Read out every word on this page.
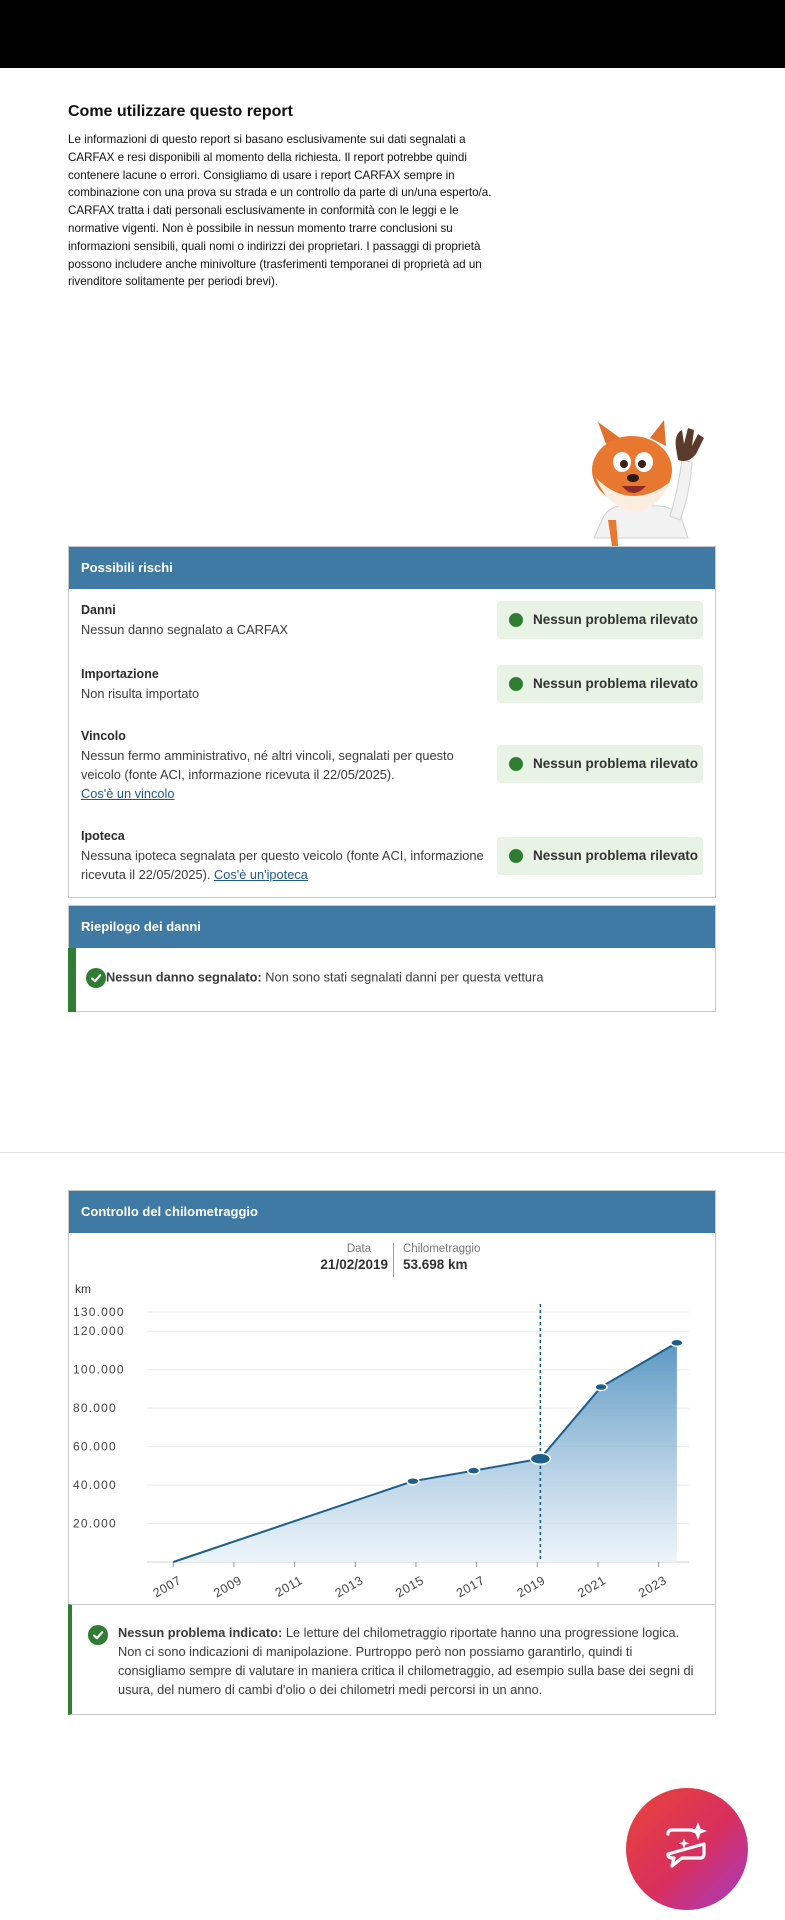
Come utilizzare questo report

Le informazioni di questo report si basano esclusivamente sui dati segnalati a CARFAX e resi disponibili al momento della richiesta. Il report potrebbe quindi contenere lacune o errori. Consigliamo di usare i report CARFAX sempre in combinazione con una prova su strada e un controllo da parte di un/una esperto/a. CARFAX tratta i dati personali esclusivamente in conformità con le leggi e le normative vigenti. Non è possibile in nessun momento trarre conclusioni su informazioni sensibili, quali nomi o indirizzi dei proprietari. I passaggi di proprietà possono includere anche minivolture (trasferimenti temporanei di proprietà ad un rivenditore solitamente per periodi brevi).

Possibili rischi
Danni
Nessun danno segnalato a CARFAX
Nessun problema rilevato
Importazione
Non risulta importato
Nessun problema rilevato
Vincolo
Nessun fermo amministrativo, né altri vincoli, segnalati per questo veicolo (fonte ACI, informazione ricevuta il 22/05/2025).
Cos'è un vincolo
Nessun problema rilevato
Ipoteca
Nessuna ipoteca segnalata per questo veicolo (fonte ACI, informazione ricevuta il 22/05/2025). Cos'è un'ipoteca
Nessun problema rilevato
Riepilogo dei danni
Nessun danno segnalato: Non sono stati segnalati danni per questa vettura
Controllo del chilometraggio
Data
21/02/2019
Chilometraggio
53.698 km
km
20.000
40.000
60.000
80.000
100.000
120.000
130.000
2007 2009 2011 2013 2015 2017 2019 2021 2023
Nessun problema indicato: Le letture del chilometraggio riportate hanno una progressione logica. Non ci sono indicazioni di manipolazione. Purtroppo però non possiamo garantirlo, quindi ti consigliamo sempre di valutare in maniera critica il chilometraggio, ad esempio sulla base dei segni di usura, del numero di cambi d'olio o dei chilometri medi percorsi in un anno.
